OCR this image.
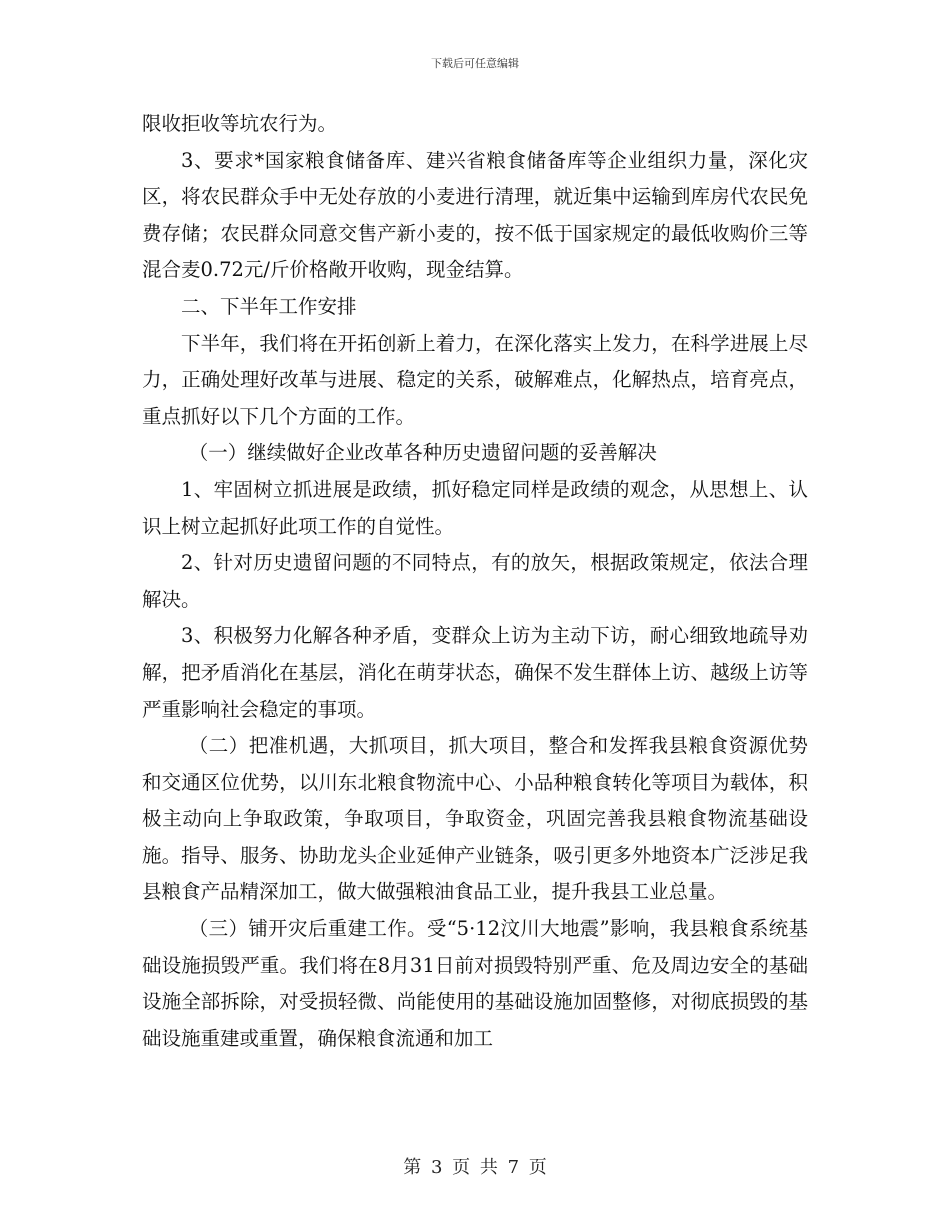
下载后可任意编辑

限收拒收等坑农行为。

3、要求*国家粮食储备库、建兴省粮食储备库等企业组织力量，深化灾区，将农民群众手中无处存放的小麦进行清理，就近集中运输到库房代农民免费存储；农民群众同意交售产新小麦的，按不低于国家规定的最低收购价三等混合麦0.72元/斤价格敞开收购，现金结算。

二、下半年工作安排

下半年，我们将在开拓创新上着力，在深化落实上发力，在科学进展上尽力，正确处理好改革与进展、稳定的关系，破解难点，化解热点，培育亮点，重点抓好以下几个方面的工作。

（一）继续做好企业改革各种历史遗留问题的妥善解决

1、牢固树立抓进展是政绩，抓好稳定同样是政绩的观念，从思想上、认识上树立起抓好此项工作的自觉性。

2、针对历史遗留问题的不同特点，有的放矢，根据政策规定，依法合理解决。

3、积极努力化解各种矛盾，变群众上访为主动下访，耐心细致地疏导劝解，把矛盾消化在基层，消化在萌芽状态，确保不发生群体上访、越级上访等严重影响社会稳定的事项。

（二）把准机遇，大抓项目，抓大项目，整合和发挥我县粮食资源优势和交通区位优势，以川东北粮食物流中心、小品种粮食转化等项目为载体，积极主动向上争取政策，争取项目，争取资金，巩固完善我县粮食物流基础设施。指导、服务、协助龙头企业延伸产业链条，吸引更多外地资本广泛涉足我县粮食产品精深加工，做大做强粮油食品工业，提升我县工业总量。

（三）铺开灾后重建工作。受“5·12汶川大地震”影响，我县粮食系统基础设施损毁严重。我们将在8月31日前对损毁特别严重、危及周边安全的基础设施全部拆除，对受损轻微、尚能使用的基础设施加固整修，对彻底损毁的基础设施重建或重置，确保粮食流通和加工

第 3 页 共 7 页
